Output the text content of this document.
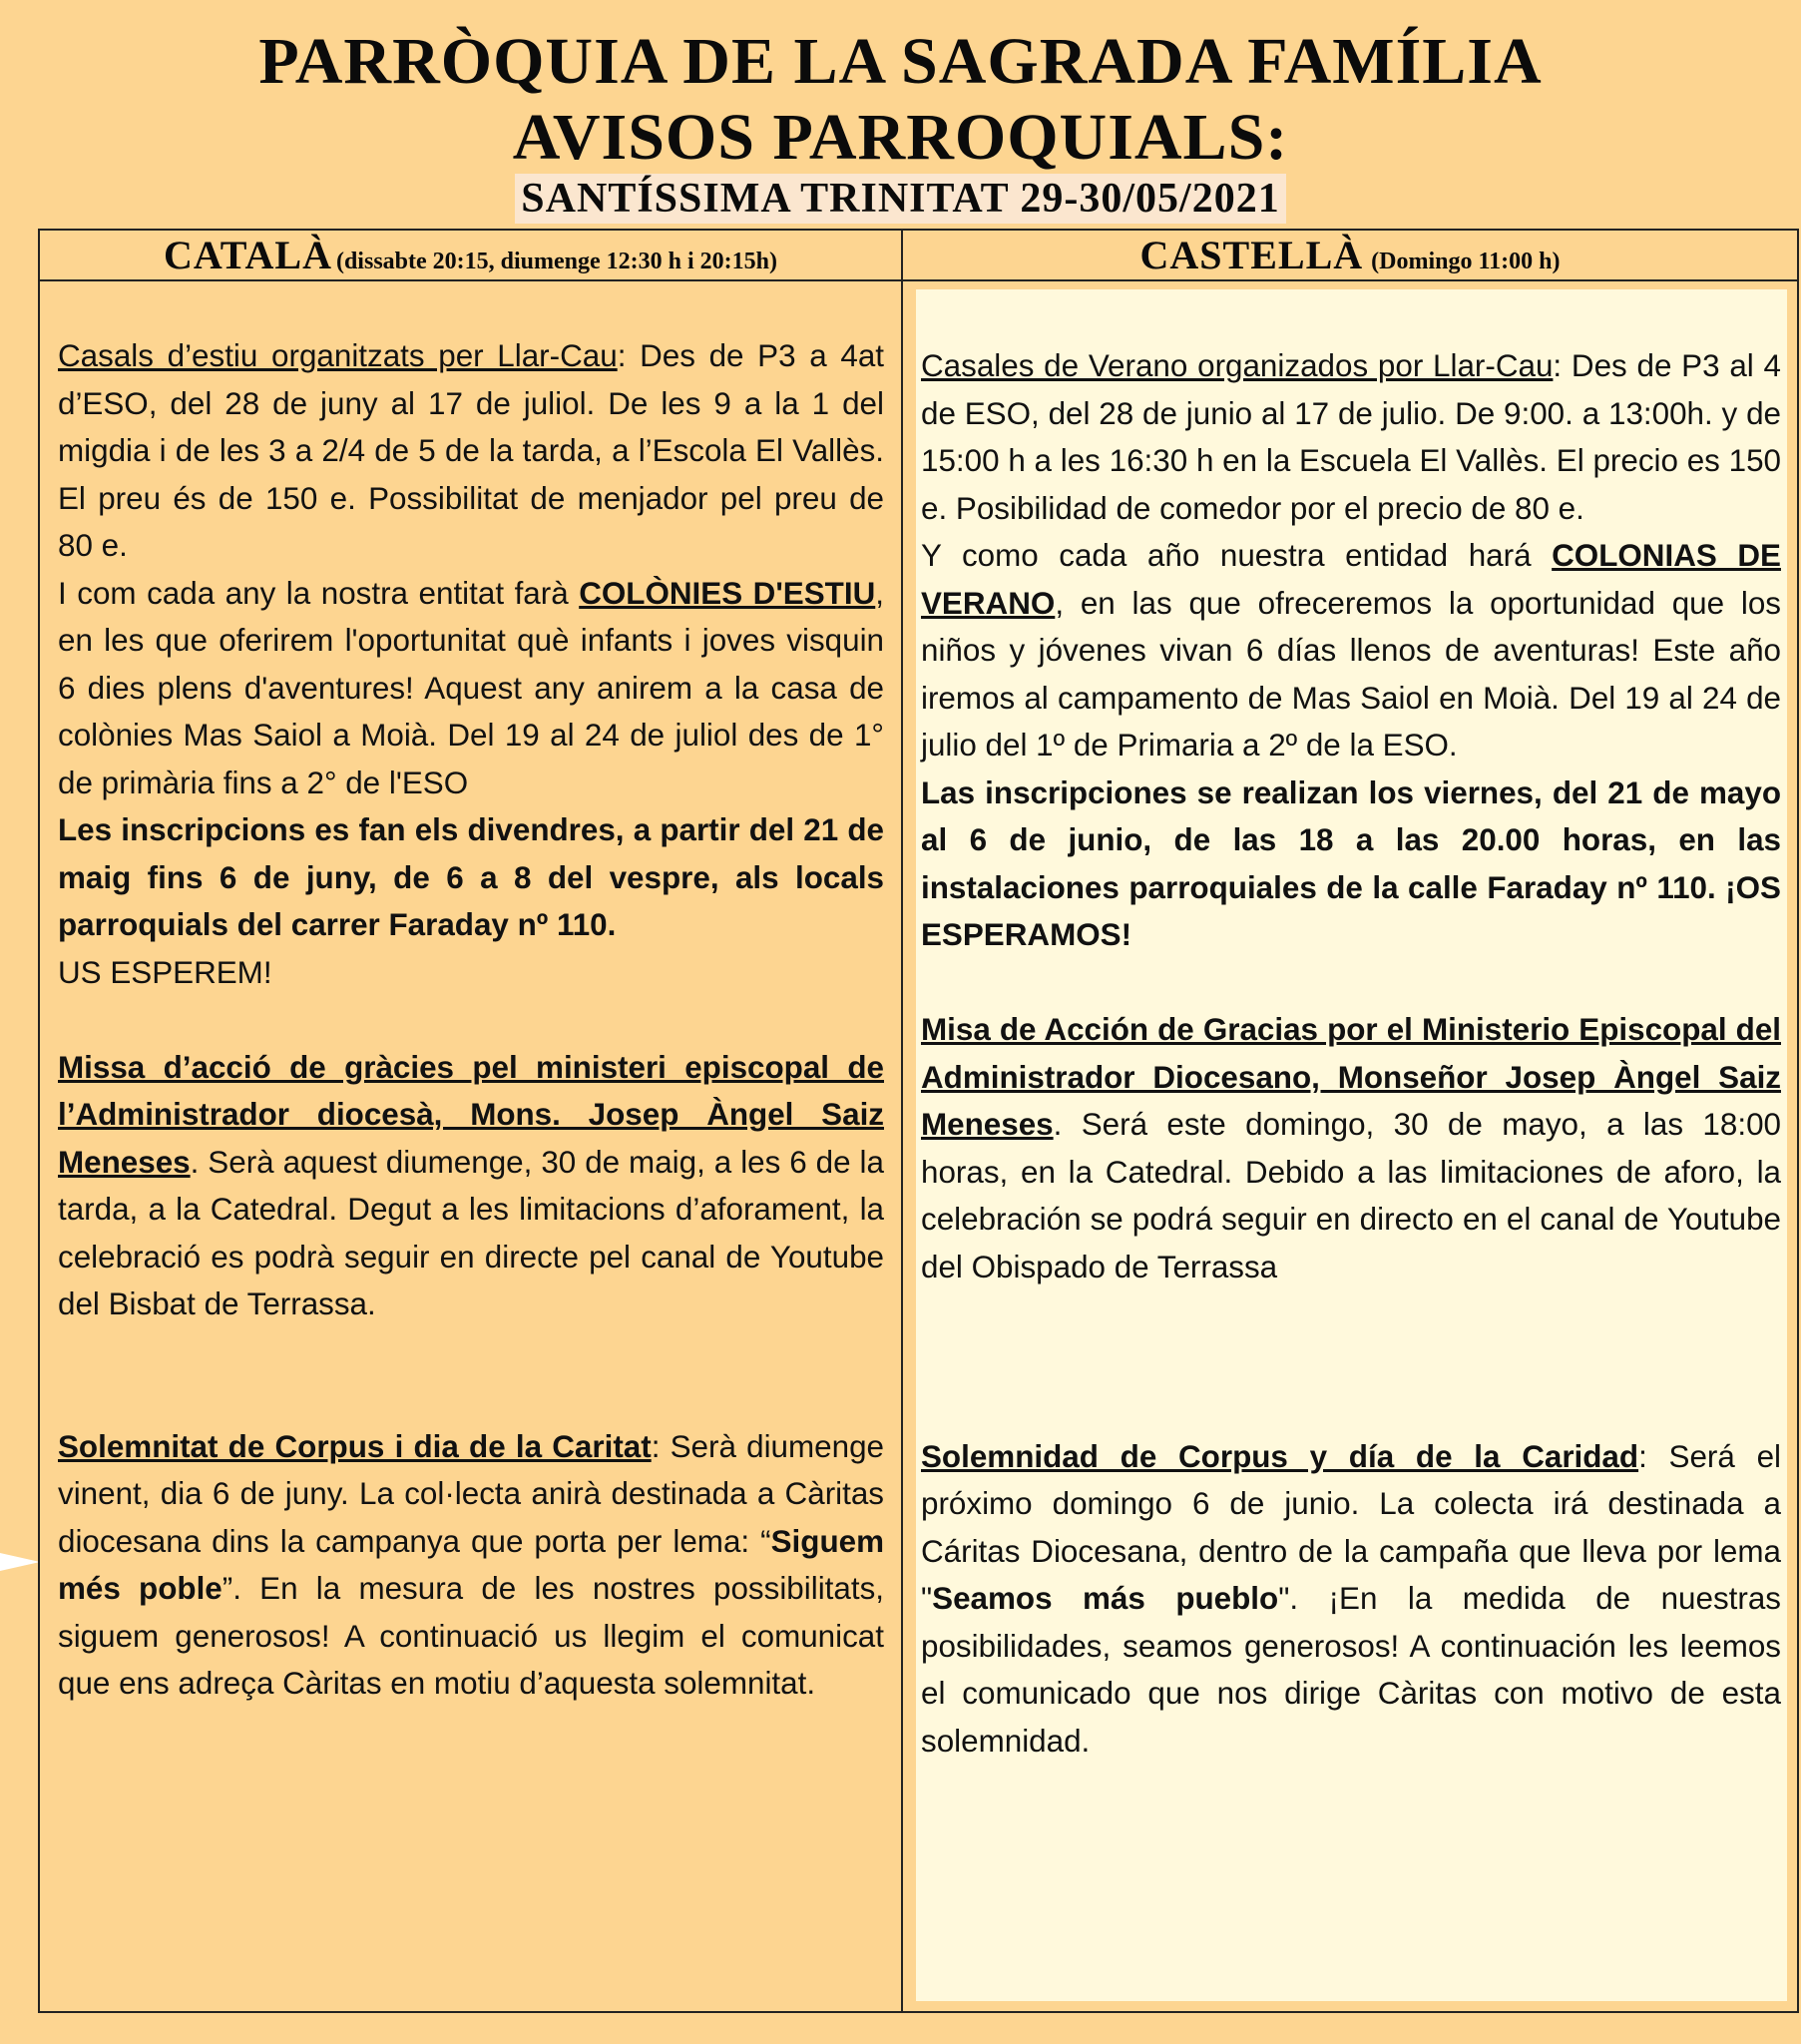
PARRÒQUIA DE LA SAGRADA FAMÍLIA
AVISOS PARROQUIALS:
SANTÍSSIMA TRINITAT 29-30/05/2021
CATALÀ (dissabte 20:15, diumenge 12:30 h i 20:15h)	CASTELLÀ (Domingo 11:00 h)

Casals d’estiu organitzats per Llar-Cau: Des de P3 a 4at d’ESO, del 28 de juny al 17 de juliol. De les 9 a la 1 del migdia i de les 3 a 2/4 de 5 de la tarda, a l’Escola El Vallès. El preu és de 150 e. Possibilitat de menjador pel preu de 80 e.

I com cada any la nostra entitat farà COLÒNIES D'ESTIU, en les que oferirem l'oportunitat què infants i joves visquin 6 dies plens d'aventures! Aquest any anirem a la casa de colònies Mas Saiol a Moià. Del 19 al 24 de juliol des de 1° de primària fins a 2° de l'ESO

Les inscripcions es fan els divendres, a partir del 21 de maig fins 6 de juny, de 6 a 8 del vespre, als locals parroquials del carrer Faraday nº 110.

US ESPEREM!

Missa d’acció de gràcies pel ministeri episcopal de l’Administrador diocesà, Mons. Josep Àngel Saiz Meneses. Serà aquest diumenge, 30 de maig, a les 6 de la tarda, a la Catedral. Degut a les limitacions d’aforament, la celebració es podrà seguir en directe pel canal de Youtube del Bisbat de Terrassa.

Solemnitat de Corpus i dia de la Caritat: Serà diumenge vinent, dia 6 de juny. La col·lecta anirà destinada a Càritas diocesana dins la campanya que porta per lema: “Siguem més poble”. En la mesura de les nostres possibilitats, siguem generosos! A continuació us llegim el comunicat que ens adreça Càritas en motiu d’aquesta solemnitat.

Casales de Verano organizados por Llar-Cau: Des de P3 al 4 de ESO, del 28 de junio al 17 de julio. De 9:00. a 13:00h. y de 15:00 h a les 16:30 h en la Escuela El Vallès. El precio es 150 e. Posibilidad de comedor por el precio de 80 e.

Y como cada año nuestra entidad hará COLONIAS DE VERANO, en las que ofreceremos la oportunidad que los niños y jóvenes vivan 6 días llenos de aventuras! Este año iremos al campamento de Mas Saiol en Moià. Del 19 al 24 de julio del 1º de Primaria a 2º de la ESO.

Las inscripciones se realizan los viernes, del 21 de mayo al 6 de junio, de las 18 a las 20.00 horas, en las instalaciones parroquiales de la calle Faraday nº 110. ¡OS ESPERAMOS!

Misa de Acción de Gracias por el Ministerio Episcopal del Administrador Diocesano, Monseñor Josep Àngel Saiz Meneses. Será este domingo, 30 de mayo, a las 18:00 horas, en la Catedral. Debido a las limitaciones de aforo, la celebración se podrá seguir en directo en el canal de Youtube del Obispado de Terrassa

Solemnidad de Corpus y día de la Caridad: Será el próximo domingo 6 de junio. La colecta irá destinada a Cáritas Diocesana, dentro de la campaña que lleva por lema "Seamos más pueblo". ¡En la medida de nuestras posibilidades, seamos generosos! A continuación les leemos el comunicado que nos dirige Càritas con motivo de esta solemnidad.
